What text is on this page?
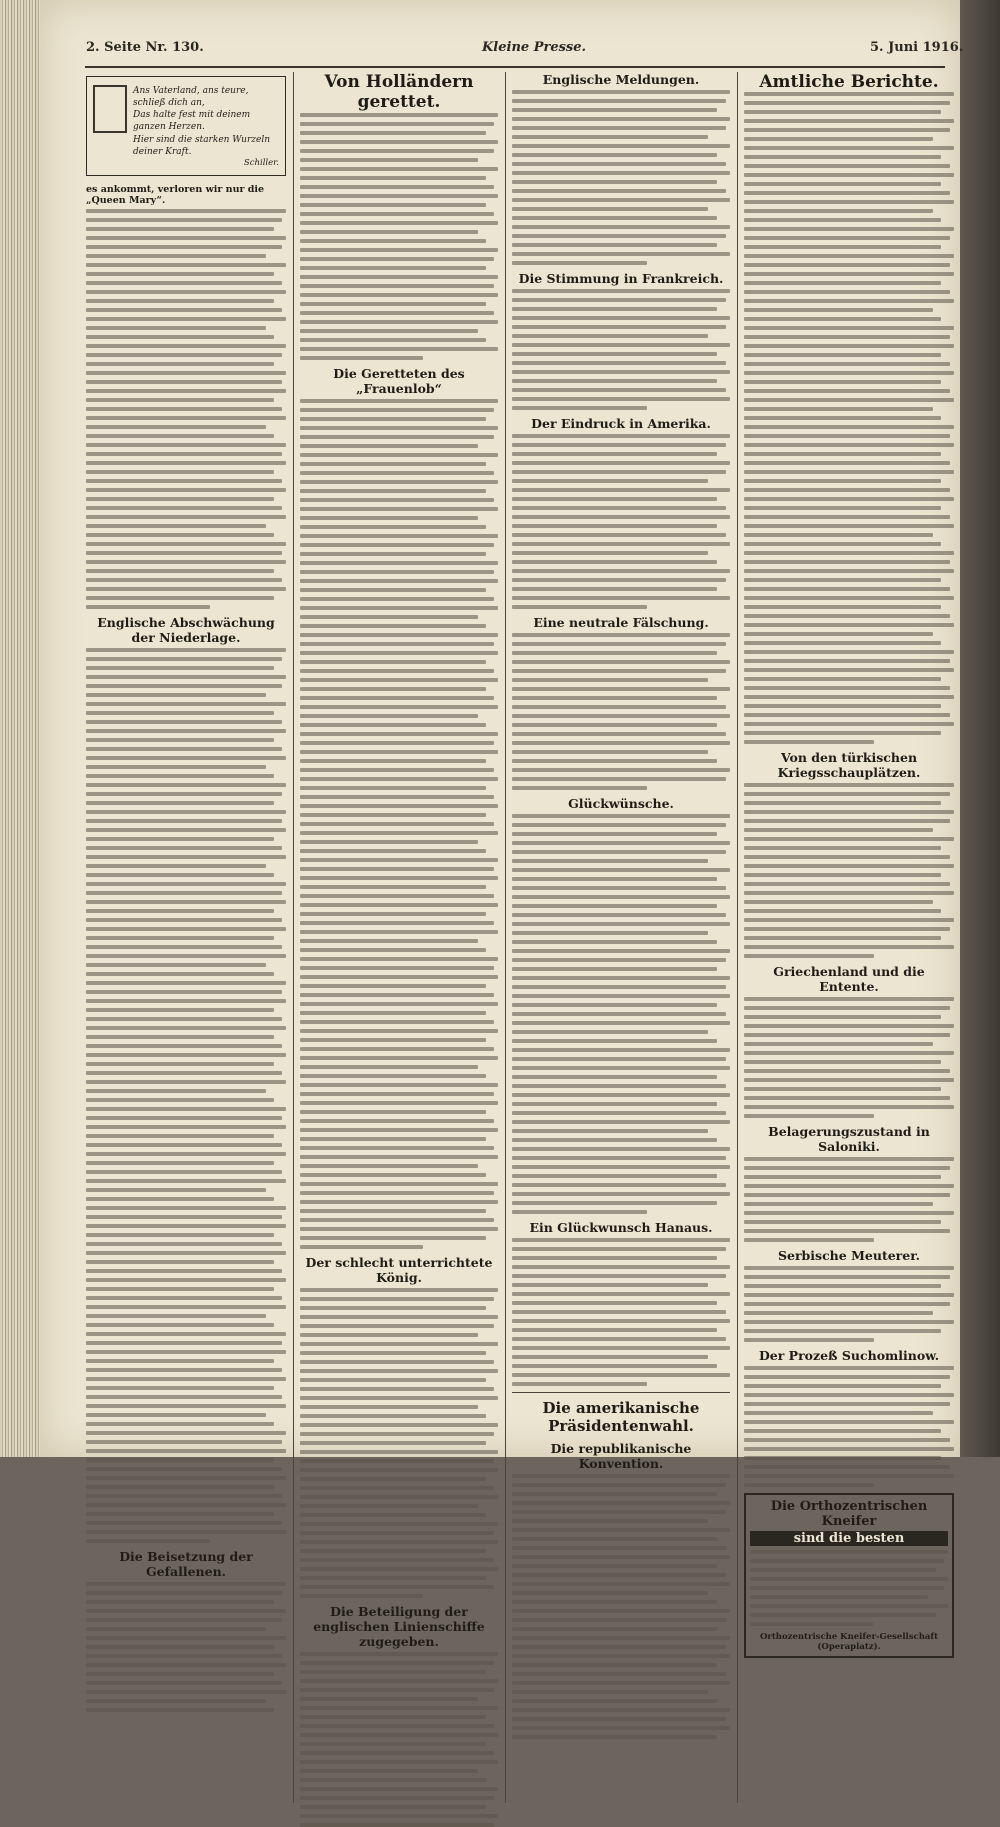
2. Seite Nr. 130.	Kleine Presse.	5. Juni 1916.
Ans Vaterland, ans teure, schließ dich an,
Das halte fest mit deinem ganzen Herzen.
Hier sind die starken Wurzeln deiner Kraft.
Schiller.
es ankommt, verloren wir nur die „Queen Mary“.
Englische Abschwächung der Niederlage.
Die Beisetzung der Gefallenen.
Von Holländern gerettet.
Die Geretteten des „Frauenlob“
Der schlecht unterrichtete König.
Die Beteiligung der englischen Linienschiffe zugegeben.
Englische Meldungen.
Die Stimmung in Frankreich.
Der Eindruck in Amerika.
Eine neutrale Fälschung.
Glückwünsche.
Ein Glückwunsch Hanaus.
Die amerikanische Präsidentenwahl.
Die republikanische Konvention.
Amtliche Berichte.
Von den türkischen Kriegsschauplätzen.
Griechenland und die Entente.
Belagerungszustand in Saloniki.
Serbische Meuterer.
Der Prozeß Suchomlinow.
Die Orthozentrischen Kneifer
sind die besten
Orthozentrische Kneifer-Gesellschaft (Operaplatz).
